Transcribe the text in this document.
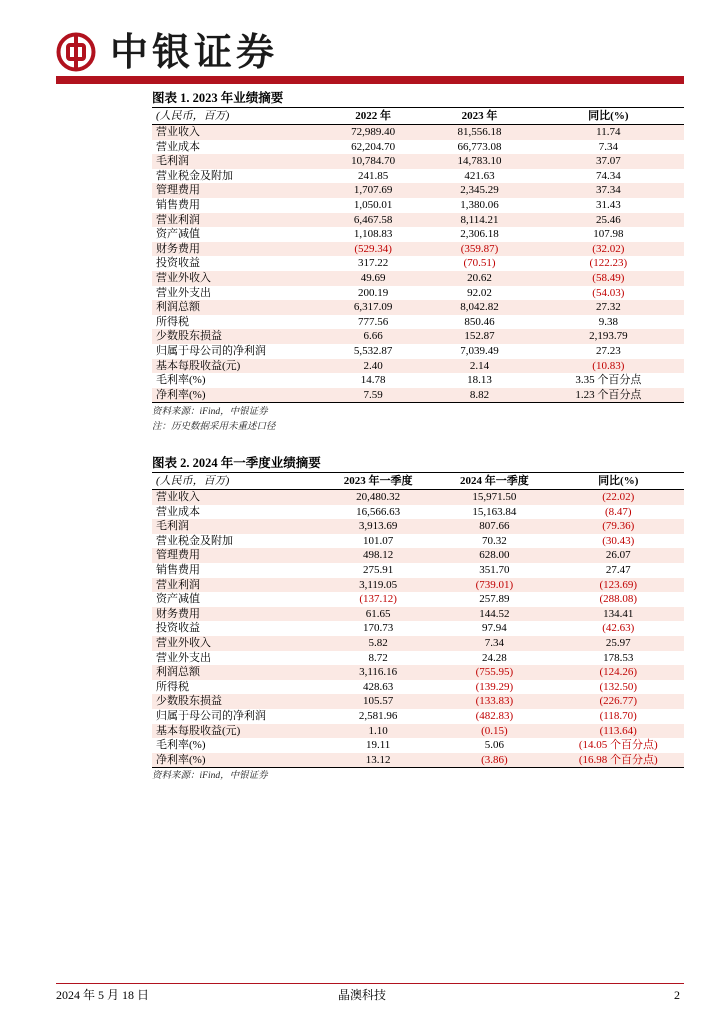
中银证券
图表 1. 2023 年业绩摘要
(人民币，百万)	2022 年	2023 年	同比(%)
营业收入	72,989.40	81,556.18	11.74
营业成本	62,204.70	66,773.08	7.34
毛利润	10,784.70	14,783.10	37.07
营业税金及附加	241.85	421.63	74.34
管理费用	1,707.69	2,345.29	37.34
销售费用	1,050.01	1,380.06	31.43
营业利润	6,467.58	8,114.21	25.46
资产减值	1,108.83	2,306.18	107.98
财务费用	(529.34)	(359.87)	(32.02)
投资收益	317.22	(70.51)	(122.23)
营业外收入	49.69	20.62	(58.49)
营业外支出	200.19	92.02	(54.03)
利润总额	6,317.09	8,042.82	27.32
所得税	777.56	850.46	9.38
少数股东损益	6.66	152.87	2,193.79
归属于母公司的净利润	5,532.87	7,039.49	27.23
基本每股收益(元)	2.40	2.14	(10.83)
毛利率(%)	14.78	18.13	3.35 个百分点
净利率(%)	7.59	8.82	1.23 个百分点
资料来源：iFind，中银证券
注：历史数据采用未重述口径
图表 2. 2024 年一季度业绩摘要
(人民币，百万)	2023 年一季度	2024 年一季度	同比(%)
营业收入	20,480.32	15,971.50	(22.02)
营业成本	16,566.63	15,163.84	(8.47)
毛利润	3,913.69	807.66	(79.36)
营业税金及附加	101.07	70.32	(30.43)
管理费用	498.12	628.00	26.07
销售费用	275.91	351.70	27.47
营业利润	3,119.05	(739.01)	(123.69)
资产减值	(137.12)	257.89	(288.08)
财务费用	61.65	144.52	134.41
投资收益	170.73	97.94	(42.63)
营业外收入	5.82	7.34	25.97
营业外支出	8.72	24.28	178.53
利润总额	3,116.16	(755.95)	(124.26)
所得税	428.63	(139.29)	(132.50)
少数股东损益	105.57	(133.83)	(226.77)
归属于母公司的净利润	2,581.96	(482.83)	(118.70)
基本每股收益(元)	1.10	(0.15)	(113.64)
毛利率(%)	19.11	5.06	(14.05 个百分点)
净利率(%)	13.12	(3.86)	(16.98 个百分点)
资料来源：iFind，中银证券
2024 年 5 月 18 日	晶澳科技	2
